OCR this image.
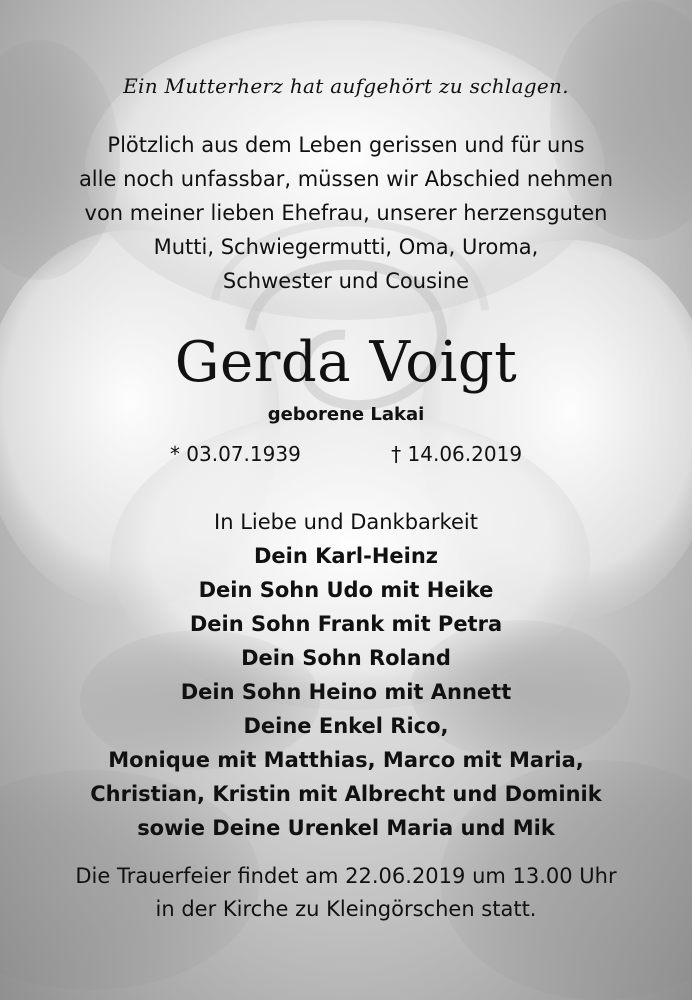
Ein Mutterherz hat aufgehört zu schlagen.
Plötzlich aus dem Leben gerissen und für uns
alle noch unfassbar, müssen wir Abschied nehmen
von meiner lieben Ehefrau, unserer herzensguten
Mutti, Schwiegermutti, Oma, Uroma,
Schwester und Cousine
Gerda Voigt
geborene Lakai
* 03.07.1939	† 14.06.2019
In Liebe und Dankbarkeit
Dein Karl-Heinz
Dein Sohn Udo mit Heike
Dein Sohn Frank mit Petra
Dein Sohn Roland
Dein Sohn Heino mit Annett
Deine Enkel Rico,
Monique mit Matthias, Marco mit Maria,
Christian, Kristin mit Albrecht und Dominik
sowie Deine Urenkel Maria und Mik
Die Trauerfeier findet am 22.06.2019 um 13.00 Uhr
in der Kirche zu Kleingörschen statt.
